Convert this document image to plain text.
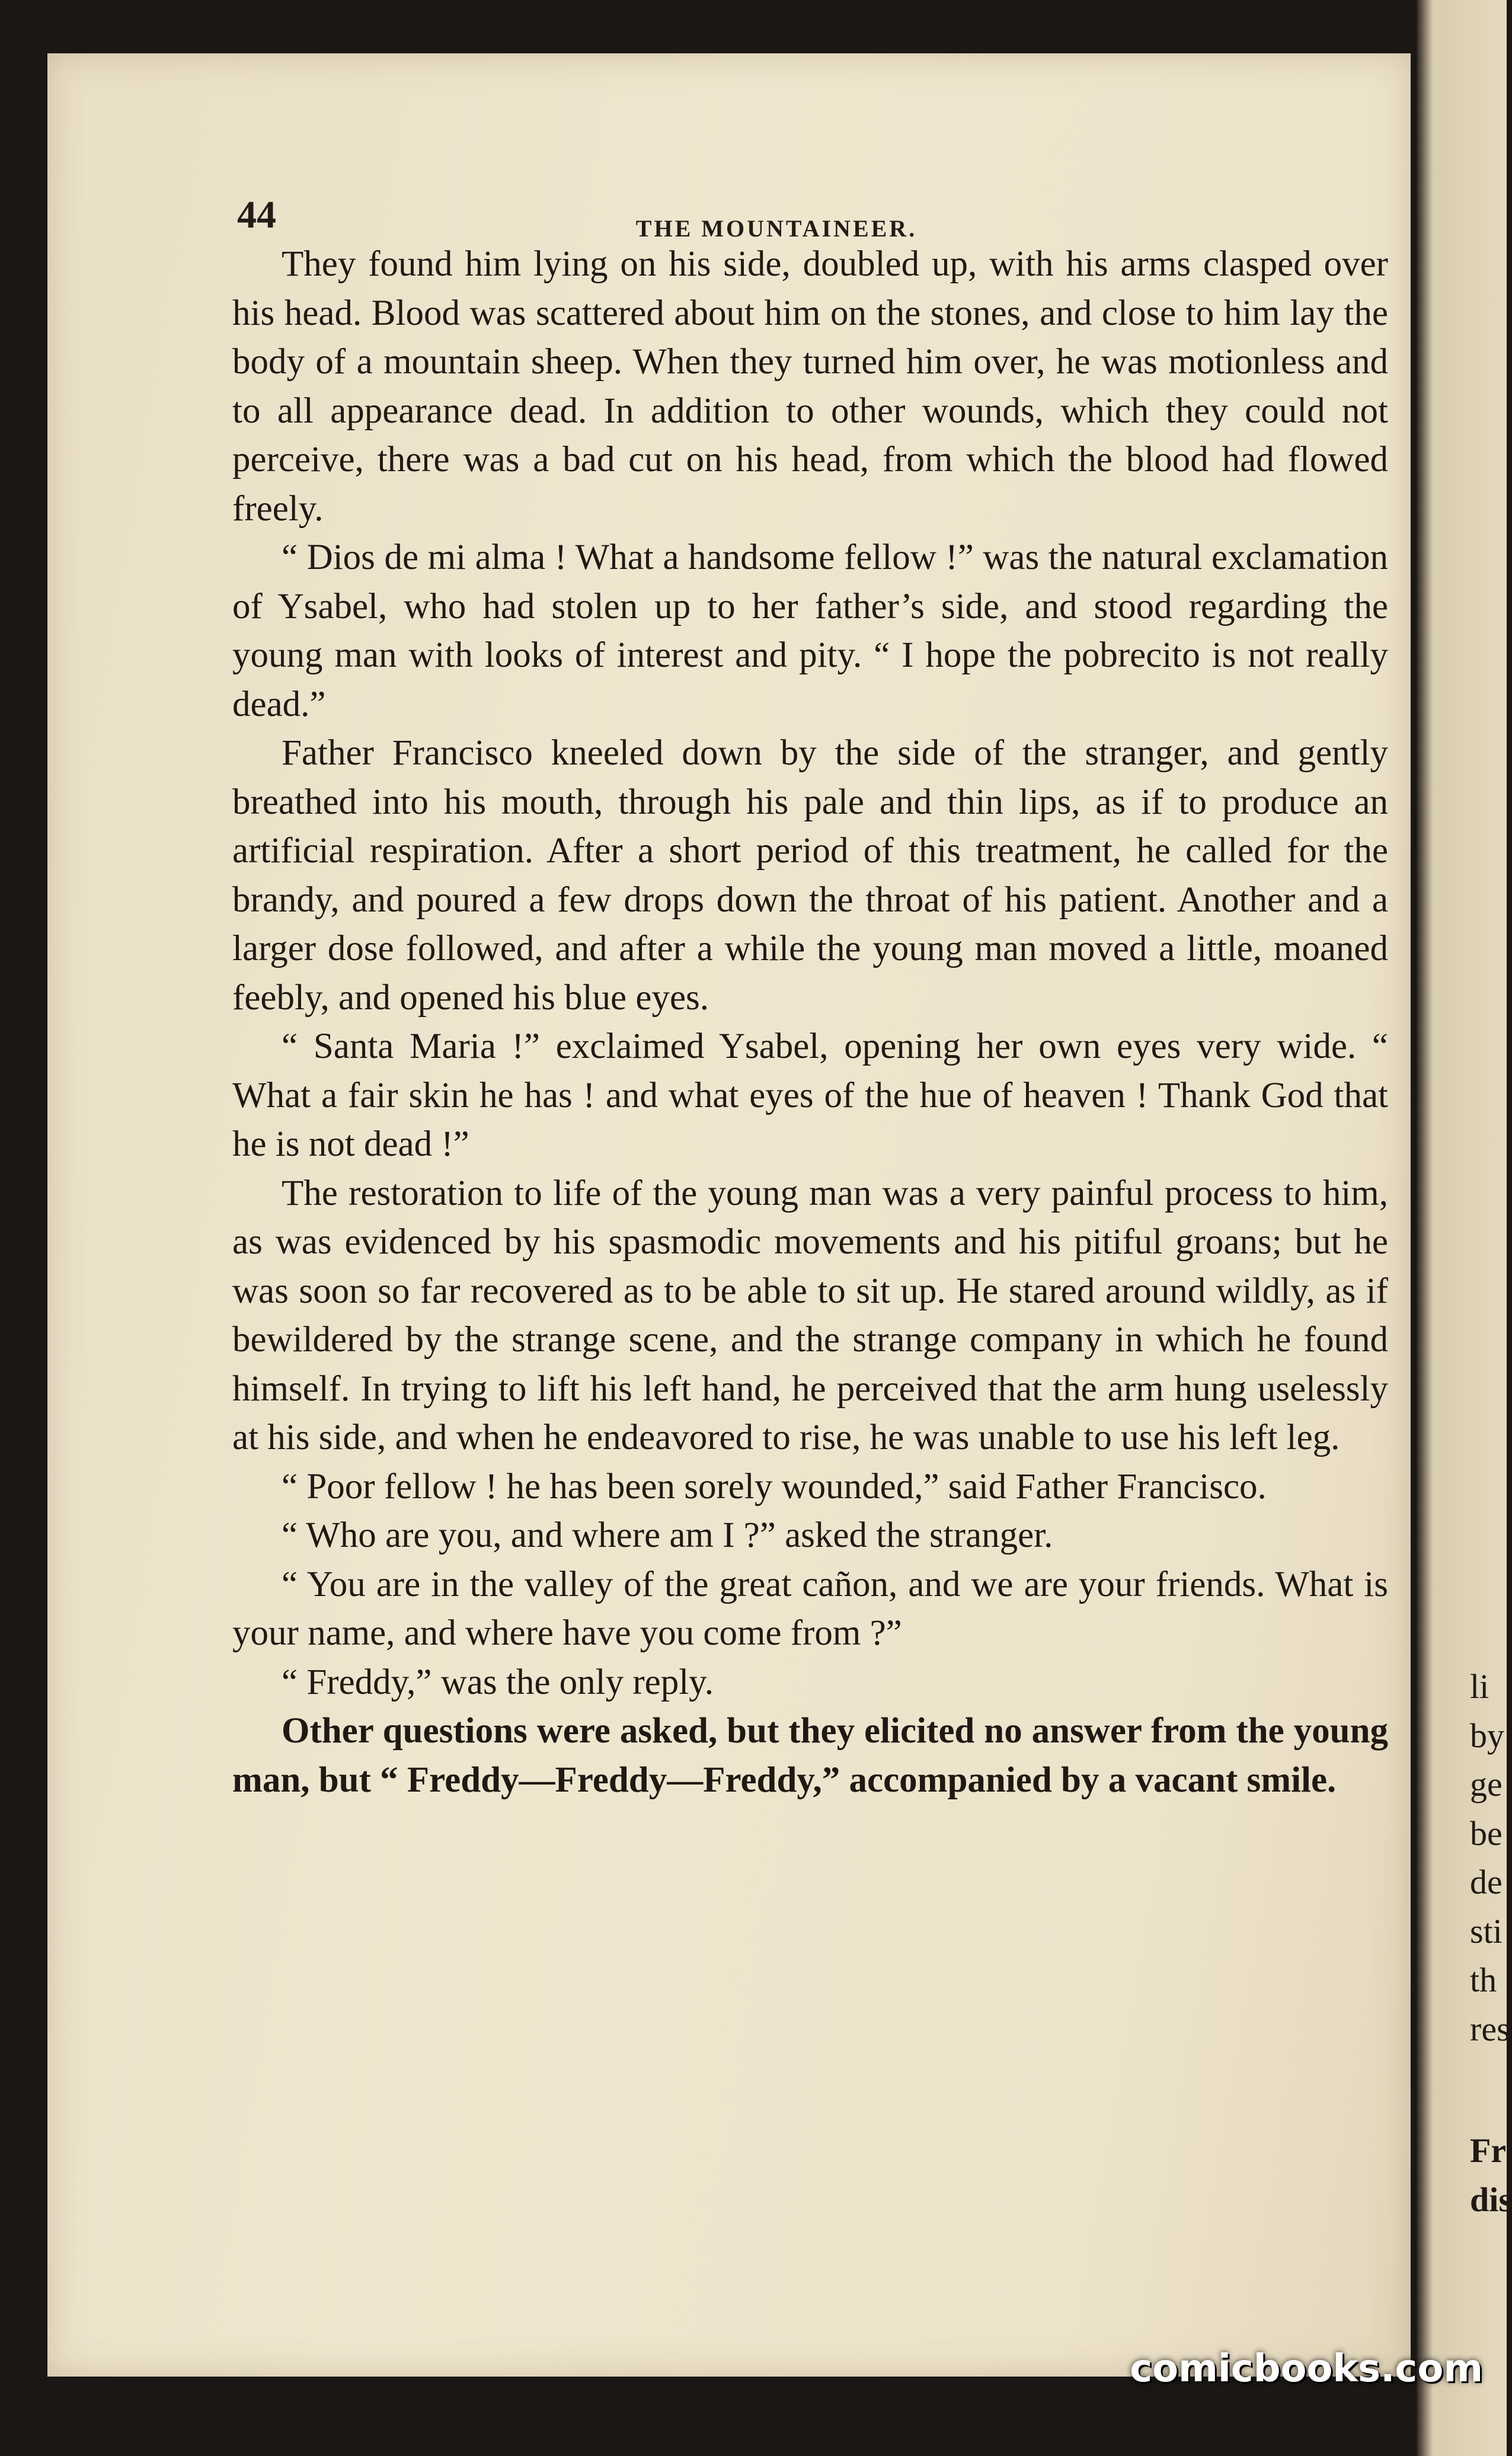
44	THE MOUNTAINEER.

They found him lying on his side, doubled up, with his arms clasped over his head. Blood was scattered about him on the stones, and close to him lay the body of a mountain sheep. When they turned him over, he was motionless and to all appearance dead. In addition to other wounds, which they could not perceive, there was a bad cut on his head, from which the blood had flowed freely.

“ Dios de mi alma ! What a handsome fellow !” was the natural exclamation of Ysabel, who had stolen up to her father’s side, and stood regarding the young man with looks of interest and pity. “ I hope the pobrecito is not really dead.”

Father Francisco kneeled down by the side of the stranger, and gently breathed into his mouth, through his pale and thin lips, as if to produce an artificial respiration. After a short period of this treatment, he called for the brandy, and poured a few drops down the throat of his patient. Another and a larger dose followed, and after a while the young man moved a little, moaned feebly, and opened his blue eyes.

“ Santa Maria !” exclaimed Ysabel, opening her own eyes very wide. “ What a fair skin he has ! and what eyes of the hue of heaven ! Thank God that he is not dead !”

The restoration to life of the young man was a very painful process to him, as was evidenced by his spasmodic movements and his pitiful groans; but he was soon so far recovered as to be able to sit up. He stared around wildly, as if bewildered by the strange scene, and the strange company in which he found himself. In trying to lift his left hand, he perceived that the arm hung uselessly at his side, and when he endeavored to rise, he was unable to use his left leg.

“ Poor fellow ! he has been sorely wounded,” said Father Francisco.

“ Who are you, and where am I ?” asked the stranger.

“ You are in the valley of the great cañon, and we are your friends. What is your name, and where have you come from ?”

“ Freddy,” was the only reply.

Other questions were asked, but they elicited no answer from the young man, but “ Freddy—Freddy—Freddy,” accompanied by a vacant smile.

li
by
ge
be
de
sti
th
res
Fr
dis
comicbooks.com
